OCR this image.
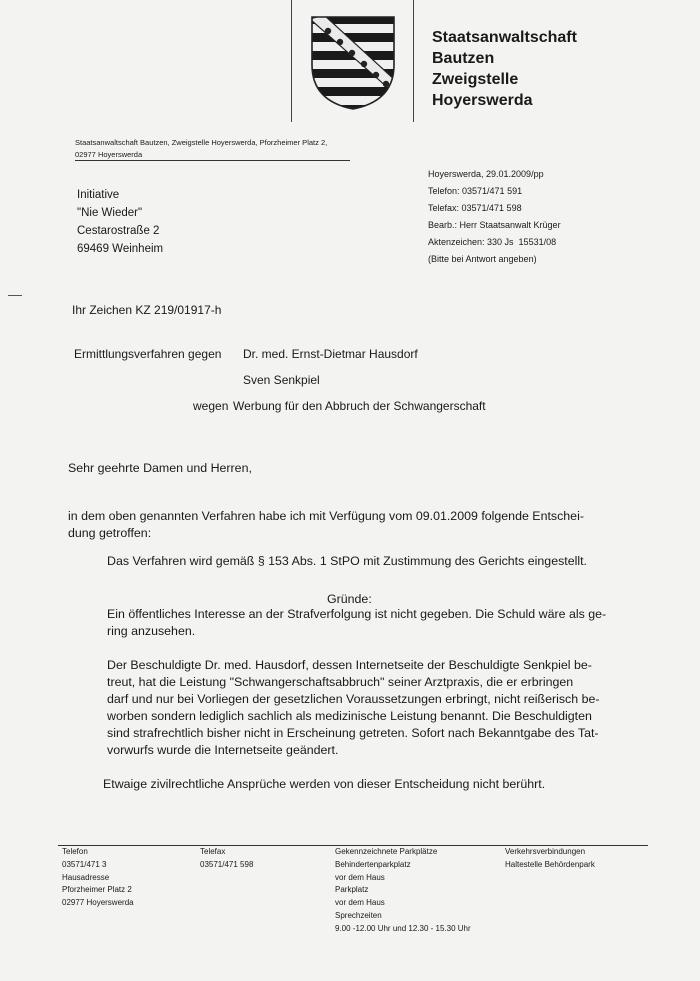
Staatsanwaltschaft
Bautzen
Zweigstelle
Hoyerswerda
Staatsanwaltschaft Bautzen, Zweigstelle Hoyerswerda, Pforzheimer Platz 2, 02977 Hoyerswerda
Initiative
"Nie Wieder"
Cestarostraße 2
69469 Weinheim
Hoyerswerda, 29.01.2009/pp
Telefon: 03571/471 591
Telefax: 03571/471 598
Bearb.: Herr Staatsanwalt Krüger
Aktenzeichen: 330 Js  15531/08
(Bitte bei Antwort angeben)
Ihr Zeichen KZ 219/01917-h
Ermittlungsverfahren gegen Dr. med. Ernst-Dietmar Hausdorf
Sven Senkpiel
wegen Werbung für den Abbruch der Schwangerschaft
Sehr geehrte Damen und Herren,
in dem oben genannten Verfahren habe ich mit Verfügung vom 09.01.2009 folgende Entschei-
dung getroffen:
Das Verfahren wird gemäß § 153 Abs. 1 StPO mit Zustimmung des Gerichts eingestellt.
Gründe:
Ein öffentliches Interesse an der Strafverfolgung ist nicht gegeben. Die Schuld wäre als ge-
ring anzusehen.
Der Beschuldigte Dr. med. Hausdorf, dessen Internetseite der Beschuldigte Senkpiel be-
treut, hat die Leistung "Schwangerschaftsabbruch" seiner Arztpraxis, die er erbringen
darf und nur bei Vorliegen der gesetzlichen Voraussetzungen erbringt, nicht reißerisch be-
worben sondern lediglich sachlich als medizinische Leistung benannt. Die Beschuldigten
sind strafrechtlich bisher nicht in Erscheinung getreten. Sofort nach Bekanntgabe des Tat-
vorwurfs wurde die Internetseite geändert.
Etwaige zivilrechtliche Ansprüche werden von dieser Entscheidung nicht berührt.
Telefon
03571/471 3
Hausadresse
Pforzheimer Platz 2
02977 Hoyerswerda
Telefax
03571/471 598
Gekennzeichnete Parkplätze
Behindertenparkplatz
vor dem Haus
Parkplatz
vor dem Haus
Sprechzeiten
9.00 -12.00 Uhr und 12.30 - 15.30 Uhr
Verkehrsverbindungen
Haltestelle Behördenpark
